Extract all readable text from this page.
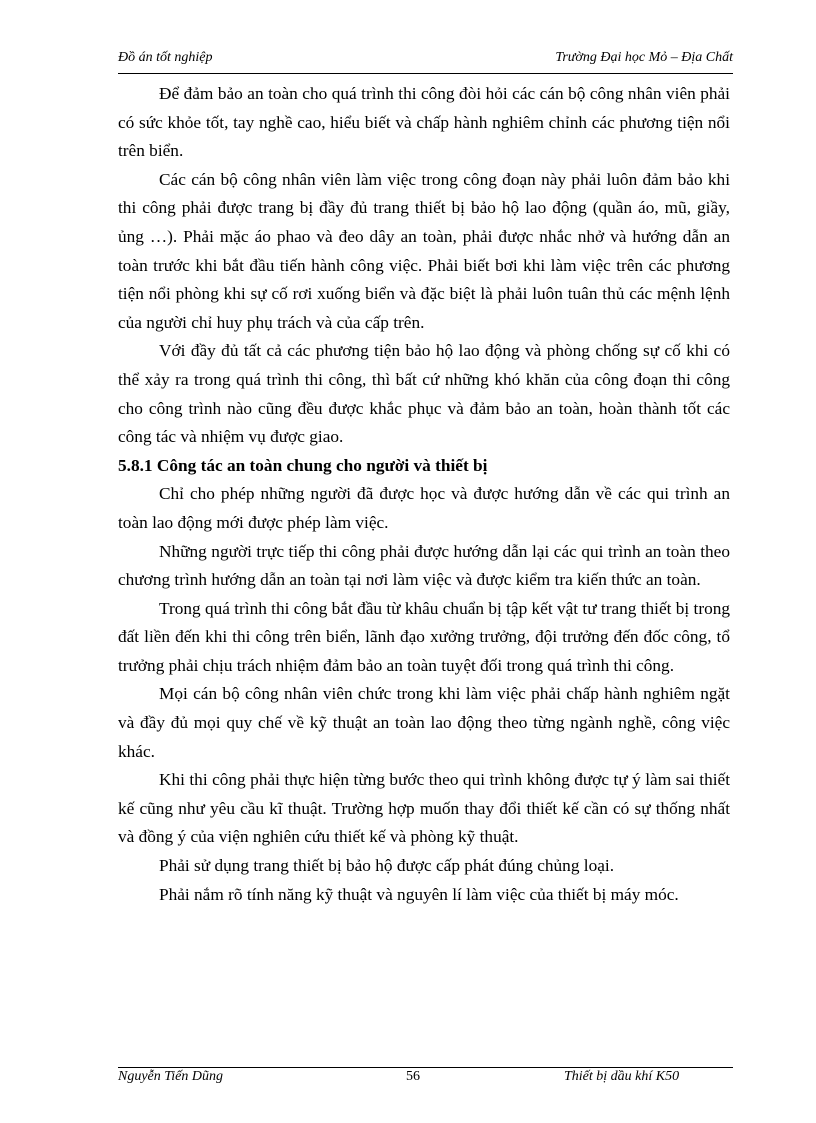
Đồ án tốt nghiệp	Trường Đại học Mỏ – Địa Chất

Để đảm bảo an toàn cho quá trình thi công đòi hỏi các cán bộ công nhân viên phải có sức khỏe tốt, tay nghề cao, hiểu biết và chấp hành nghiêm chỉnh các phương tiện nổi trên biển.

Các cán bộ công nhân viên làm việc trong công đoạn này phải luôn đảm bảo khi thi công phải được trang bị đầy đủ trang thiết bị bảo hộ lao động (quần áo, mũ, giầy, ủng …). Phải mặc áo phao và đeo dây an toàn, phải được nhắc nhở và hướng dẫn an toàn trước khi bắt đầu tiến hành công việc. Phải biết bơi khi làm việc trên các phương tiện nổi phòng khi sự cố rơi xuống biển và đặc biệt là phải luôn tuân thủ các mệnh lệnh của người chỉ huy phụ trách và của cấp trên.

Với đầy đủ tất cả các phương tiện bảo hộ lao động và phòng chống sự cố khi có thể xảy ra trong quá trình thi công, thì bất cứ những khó khăn của công đoạn thi công cho công trình nào cũng đều được khắc phục và đảm bảo an toàn, hoàn thành tốt các công tác và nhiệm vụ được giao.

5.8.1 Công tác an toàn chung cho người và thiết bị

Chỉ cho phép những người đã được học và được hướng dẫn về các qui trình an toàn lao động mới được phép làm việc.

Những người trực tiếp thi công phải được hướng dẫn lại các qui trình an toàn theo chương trình hướng dẫn an toàn tại nơi làm việc và được kiểm tra kiến thức an toàn.

Trong quá trình thi công bắt đầu từ khâu chuẩn bị tập kết vật tư trang thiết bị trong đất liền đến khi thi công trên biển, lãnh đạo xưởng trưởng, đội trưởng đến đốc công, tổ trưởng phải chịu trách nhiệm đảm bảo an toàn tuyệt đối trong quá trình thi công.

Mọi cán bộ công nhân viên chức trong khi làm việc phải chấp hành nghiêm ngặt và đầy đủ mọi quy chế về kỹ thuật an toàn lao động theo từng ngành nghề, công việc khác.

Khi thi công phải thực hiện từng bước theo qui trình không được tự ý làm sai thiết kế cũng như yêu cầu kĩ thuật. Trường hợp muốn thay đổi thiết kế cần có sự thống nhất và đồng ý của viện nghiên cứu thiết kế và phòng kỹ thuật.

Phải sử dụng trang thiết bị bảo hộ được cấp phát đúng chủng loại.

Phải nắm rõ tính năng kỹ thuật và nguyên lí làm việc của thiết bị máy móc.

Nguyễn Tiến Dũng	56	Thiết bị dầu khí K50
